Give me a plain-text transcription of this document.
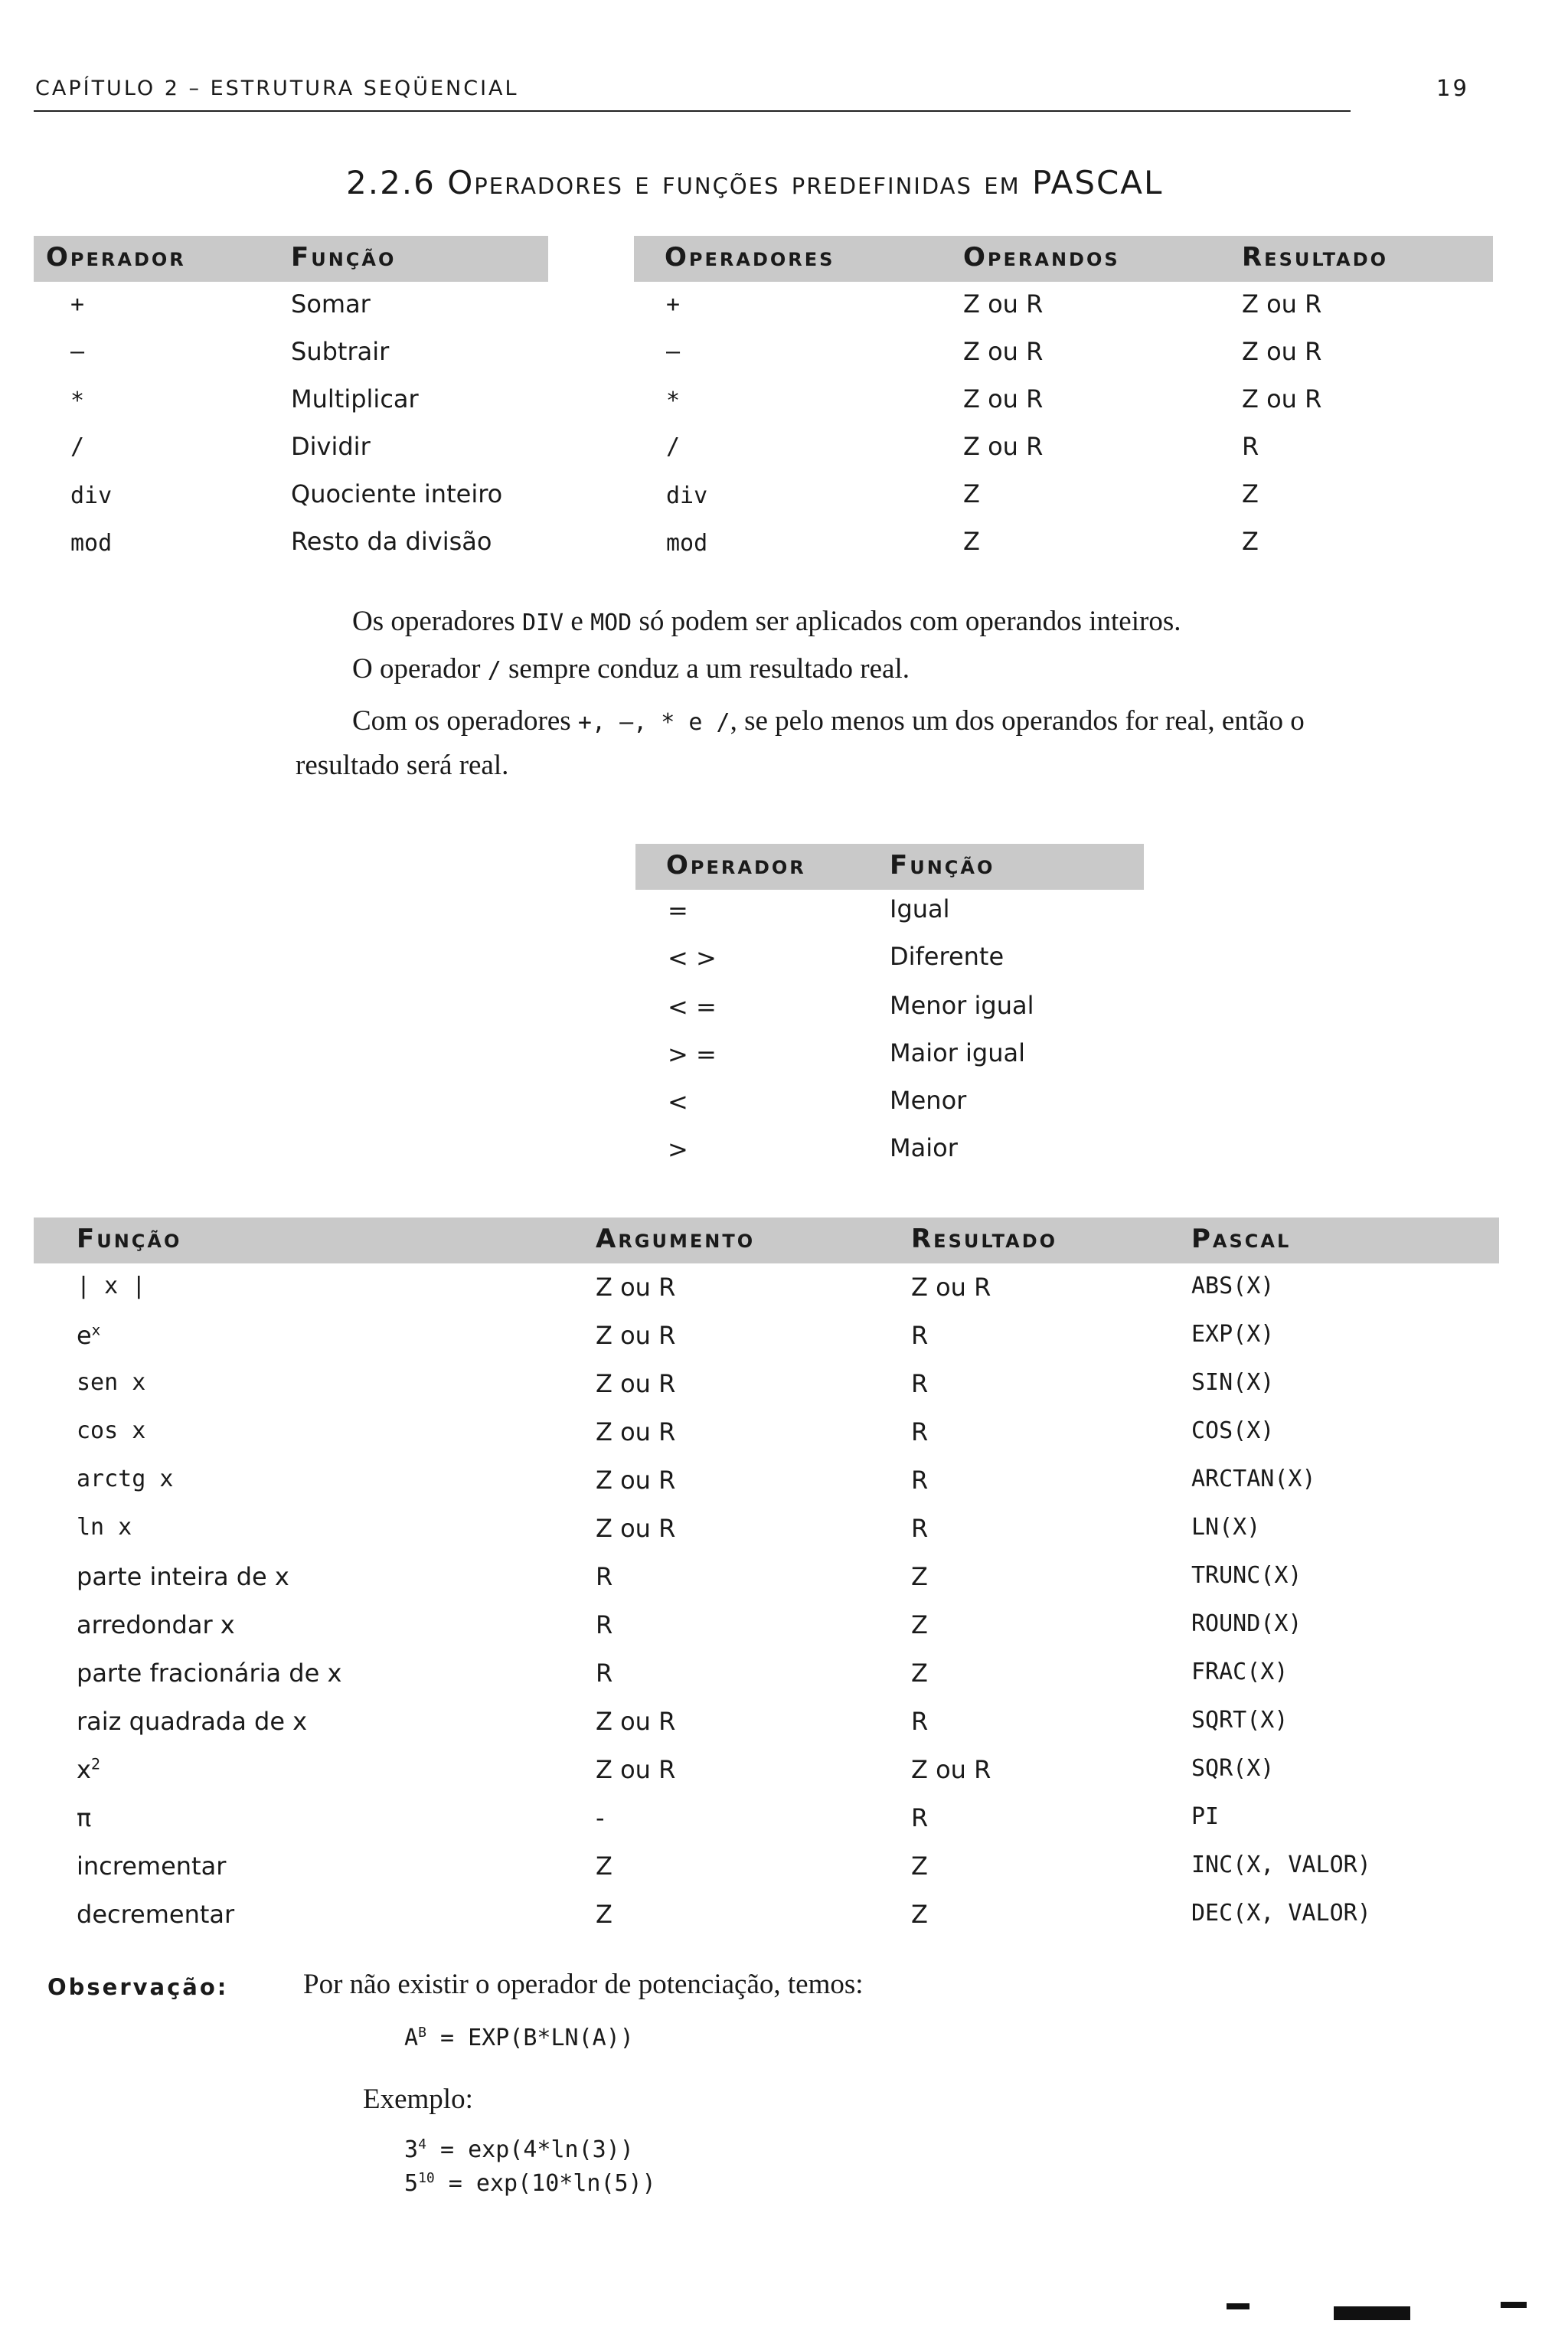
CAPÍTULO 2 – ESTRUTURA SEQÜENCIAL	19
2.2.6 Operadores e funções predefinidas em PASCAL
Operador	Função
+	Somar
–	Subtrair
*	Multiplicar
/	Dividir
div	Quociente inteiro
mod	Resto da divisão
Operadores	Operandos	Resultado
+	Z ou R	Z ou R
–	Z ou R	Z ou R
*	Z ou R	Z ou R
/	Z ou R	R
div	Z	Z
mod	Z	Z
Os operadores DIV e MOD só podem ser aplicados com operandos inteiros.
O operador / sempre conduz a um resultado real.
Com os operadores +, –, * e /, se pelo menos um dos operandos for real, então o
resultado será real.
Operador	Função
=	Igual
< >	Diferente
< =	Menor igual
> =	Maior igual
<	Menor
>	Maior
Função	Argumento	Resultado	Pascal
| x |	Z ou R	Z ou R	ABS(X)
$e^x$	Z ou R	R	EXP(X)
sen x	Z ou R	R	SIN(X)
cos x	Z ou R	R	COS(X)
arctg x	Z ou R	R	ARCTAN(X)
ln x	Z ou R	R	LN(X)
parte inteira de x	R	Z	TRUNC(X)
arredondar x	R	Z	ROUND(X)
parte fracionária de x	R	Z	FRAC(X)
raiz quadrada de x	Z ou R	R	SQRT(X)
$x^2$	Z ou R	Z ou R	SQR(X)
π	-	R	PI
incrementar	Z	Z	INC(X, VALOR)
decrementar	Z	Z	DEC(X, VALOR)
Observação:	Por não existir o operador de potenciação, temos:
$A^B = EXP(B*LN(A))$
Exemplo:
$3^4 = \exp(4*\ln(3))$
$5^{10} = \exp(10*\ln(5))$
